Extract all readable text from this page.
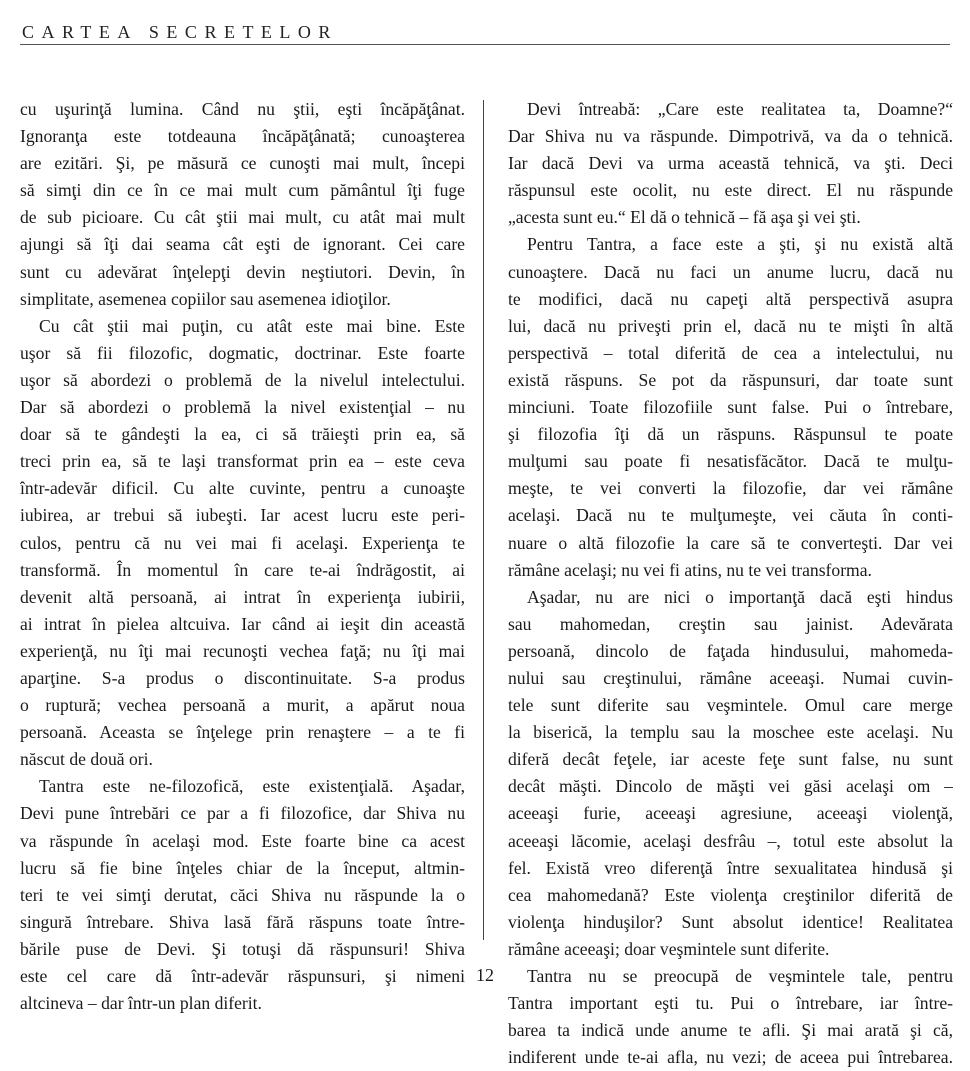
CARTEA SECRETELOR
cu uşurinţă lumina. Când nu ştii, eşti încăpăţânat.
Ignoranţa este totdeauna încăpăţânată; cunoaşterea
are ezitări. Şi, pe măsură ce cunoşti mai mult, începi
să simţi din ce în ce mai mult cum pământul îţi fuge
de sub picioare. Cu cât ştii mai mult, cu atât mai mult
ajungi să îţi dai seama cât eşti de ignorant. Cei care
sunt cu adevărat înţelepţi devin neştiutori. Devin, în
simplitate, asemenea copiilor sau asemenea idioţilor.
Cu cât ştii mai puţin, cu atât este mai bine. Este
uşor să fii filozofic, dogmatic, doctrinar. Este foarte
uşor să abordezi o problemă de la nivelul intelectului.
Dar să abordezi o problemă la nivel existenţial – nu
doar să te gândeşti la ea, ci să trăieşti prin ea, să
treci prin ea, să te laşi transformat prin ea – este ceva
într-adevăr dificil. Cu alte cuvinte, pentru a cunoaşte
iubirea, ar trebui să iubeşti. Iar acest lucru este peri-
culos, pentru că nu vei mai fi acelaşi. Experienţa te
transformă. În momentul în care te-ai îndrăgostit, ai
devenit altă persoană, ai intrat în experienţa iubirii,
ai intrat în pielea altcuiva. Iar când ai ieşit din această
experienţă, nu îţi mai recunoşti vechea faţă; nu îţi mai
aparţine. S-a produs o discontinuitate. S-a produs
o ruptură; vechea persoană a murit, a apărut noua
persoană. Aceasta se înţelege prin renaştere – a te fi
născut de două ori.
Tantra este ne-filozofică, este existenţială. Aşadar,
Devi pune întrebări ce par a fi filozofice, dar Shiva nu
va răspunde în acelaşi mod. Este foarte bine ca acest
lucru să fie bine înţeles chiar de la început, altmin-
teri te vei simţi derutat, căci Shiva nu răspunde la o
singură întrebare. Shiva lasă fără răspuns toate între-
bările puse de Devi. Şi totuşi dă răspunsuri! Shiva
este cel care dă într-adevăr răspunsuri, şi nimeni
altcineva – dar într-un plan diferit.
Devi întreabă: „Care este realitatea ta, Doamne?“
Dar Shiva nu va răspunde. Dimpotrivă, va da o tehnică.
Iar dacă Devi va urma această tehnică, va şti. Deci
răspunsul este ocolit, nu este direct. El nu răspunde
„acesta sunt eu.“ El dă o tehnică – fă aşa şi vei şti.
Pentru Tantra, a face este a şti, şi nu există altă
cunoaştere. Dacă nu faci un anume lucru, dacă nu
te modifici, dacă nu capeţi altă perspectivă asupra
lui, dacă nu priveşti prin el, dacă nu te mişti în altă
perspectivă – total diferită de cea a intelectului, nu
există răspuns. Se pot da răspunsuri, dar toate sunt
minciuni. Toate filozofiile sunt false. Pui o întrebare,
şi filozofia îţi dă un răspuns. Răspunsul te poate
mulţumi sau poate fi nesatisfăcător. Dacă te mulţu-
meşte, te vei converti la filozofie, dar vei rămâne
acelaşi. Dacă nu te mulţumeşte, vei căuta în conti-
nuare o altă filozofie la care să te converteşti. Dar vei
rămâne acelaşi; nu vei fi atins, nu te vei transforma.
Aşadar, nu are nici o importanţă dacă eşti hindus
sau mahomedan, creştin sau jainist. Adevărata
persoană, dincolo de faţada hindusului, mahomeda-
nului sau creştinului, rămâne aceeaşi. Numai cuvin-
tele sunt diferite sau veşmintele. Omul care merge
la biserică, la templu sau la moschee este acelaşi. Nu
diferă decât feţele, iar aceste feţe sunt false, nu sunt
decât măşti. Dincolo de măşti vei găsi acelaşi om –
aceeaşi furie, aceeaşi agresiune, aceeaşi violenţă,
aceeaşi lăcomie, acelaşi desfrâu –, totul este absolut la
fel. Există vreo diferenţă între sexualitatea hindusă şi
cea mahomedană? Este violenţa creştinilor diferită de
violenţa hinduşilor? Sunt absolut identice! Realitatea
rămâne aceeaşi; doar veşmintele sunt diferite.
Tantra nu se preocupă de veşmintele tale, pentru
Tantra important eşti tu. Pui o întrebare, iar între-
barea ta indică unde anume te afli. Şi mai arată şi că,
indiferent unde te-ai afla, nu vezi; de aceea pui întrebarea.
12
